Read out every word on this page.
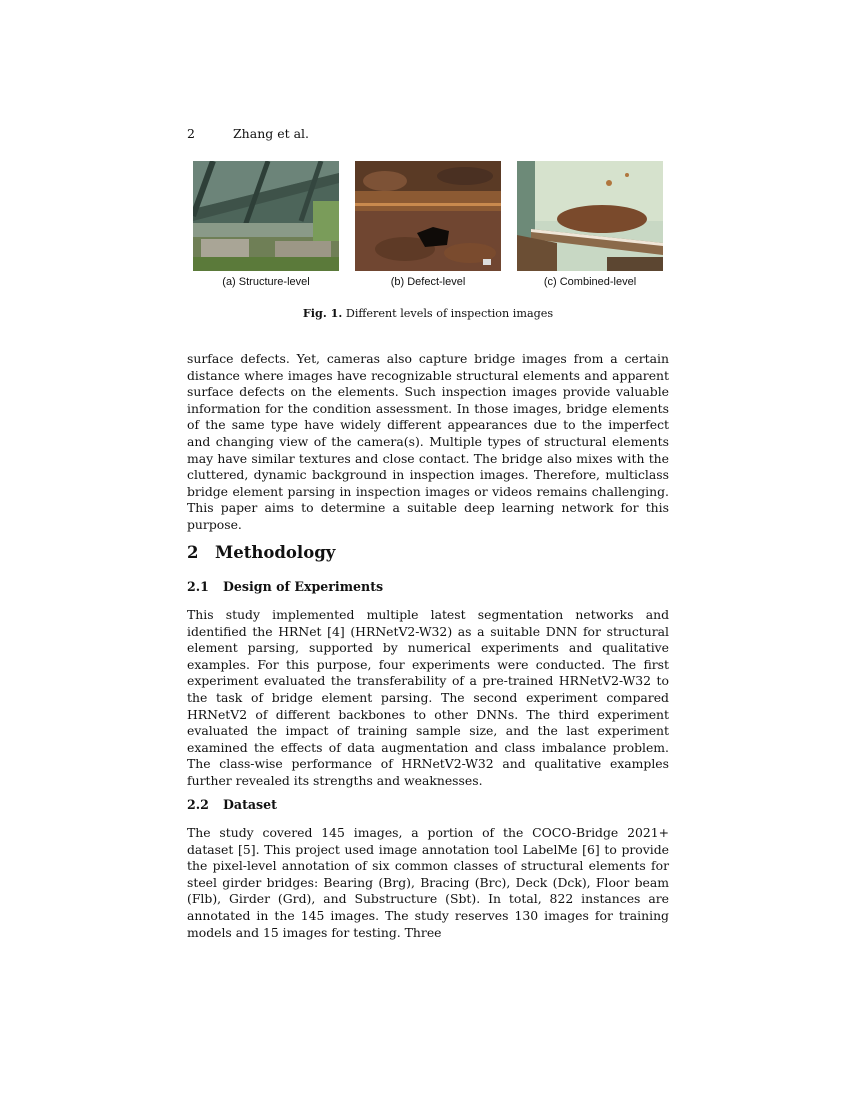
2	Zhang et al.
(a) Structure-level	(b) Defect-level	(c) Combined-level
Fig. 1. Different levels of inspection images

surface defects. Yet, cameras also capture bridge images from a certain distance where images have recognizable structural elements and apparent surface defects on the elements. Such inspection images provide valuable information for the condition assessment. In those images, bridge elements of the same type have widely different appearances due to the imperfect and changing view of the camera(s). Multiple types of structural elements may have similar textures and close contact. The bridge also mixes with the cluttered, dynamic background in inspection images. Therefore, multiclass bridge element parsing in inspection images or videos remains challenging. This paper aims to determine a suitable deep learning network for this purpose.

2 Methodology
2.1 Design of Experiments

This study implemented multiple latest segmentation networks and identified the HRNet [4] (HRNetV2-W32) as a suitable DNN for structural element parsing, supported by numerical experiments and qualitative examples. For this purpose, four experiments were conducted. The first experiment evaluated the transferability of a pre-trained HRNetV2-W32 to the task of bridge element parsing. The second experiment compared HRNetV2 of different backbones to other DNNs. The third experiment evaluated the impact of training sample size, and the last experiment examined the effects of data augmentation and class imbalance problem. The class-wise performance of HRNetV2-W32 and qualitative examples further revealed its strengths and weaknesses.

2.2 Dataset

The study covered 145 images, a portion of the COCO-Bridge 2021+ dataset [5]. This project used image annotation tool LabelMe [6] to provide the pixel-level annotation of six common classes of structural elements for steel girder bridges: Bearing (Brg), Bracing (Brc), Deck (Dck), Floor beam (Flb), Girder (Grd), and Substructure (Sbt). In total, 822 instances are annotated in the 145 images. The study reserves 130 images for training models and 15 images for testing. Three
